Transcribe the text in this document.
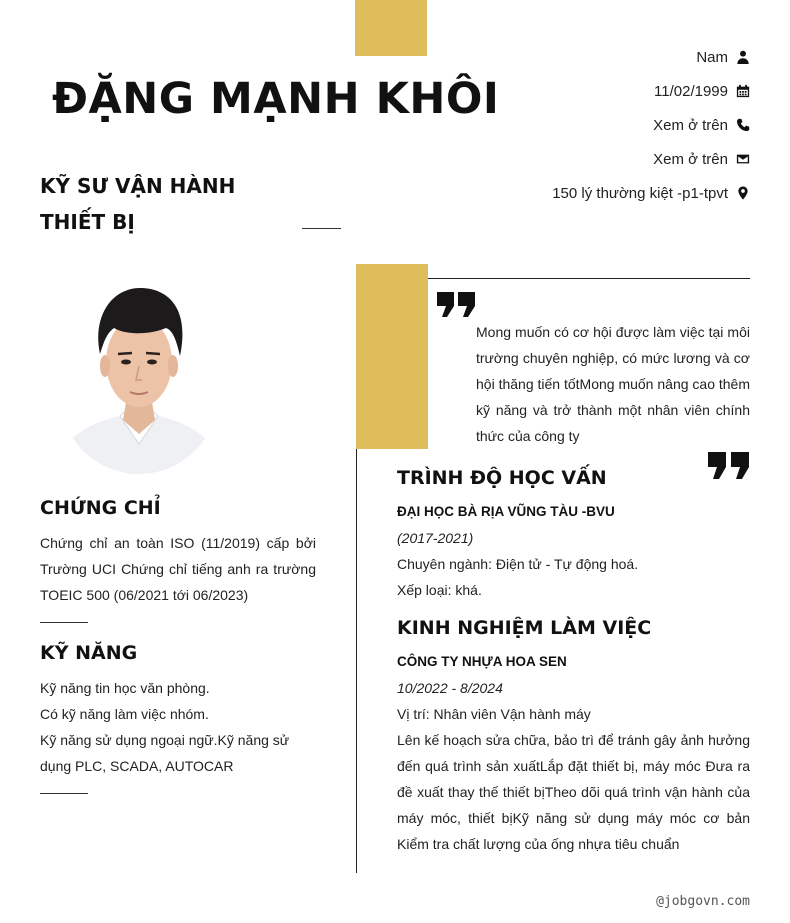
ĐẶNG MẠNH KHÔI
KỸ SƯ VẬN HÀNH THIẾT BỊ
Nam
11/02/1999
Xem ở trên
Xem ở trên
150 lý thường kiệt -p1-tpvt
CHỨNG CHỈ

Chứng chỉ an toàn ISO (11/2019) cấp bởi Trường UCI Chứng chỉ tiếng anh ra trường TOEIC 500 (06/2021 tới 06/2023)

KỸ NĂNG
Kỹ năng tin học văn phòng.
Có kỹ năng làm việc nhóm.
Kỹ năng sử dụng ngoại ngữ.Kỹ năng sử dụng PLC, SCADA, AUTOCAR

Mong muốn có cơ hội được làm việc tại môi trường chuyên nghiệp, có mức lương và cơ hội thăng tiến tốtMong muốn nâng cao thêm kỹ năng và trở thành một nhân viên chính thức của công ty

TRÌNH ĐỘ HỌC VẤN
ĐẠI HỌC BÀ RỊA VŨNG TÀU -BVU
(2017-2021)
Chuyên ngành: Điện tử - Tự động hoá.
Xếp loại: khá.
KINH NGHIỆM LÀM VIỆC
CÔNG TY NHỰA HOA SEN
10/2022 - 8/2024
Vị trí: Nhân viên Vận hành máy
Lên kế hoạch sửa chữa, bảo trì để tránh gây ảnh hưởng đến quá trình sản xuấtLắp đặt thiết bị, máy móc Đưa ra đề xuất thay thế thiết bịTheo dõi quá trình vận hành của máy móc, thiết bịKỹ năng sử dụng máy móc cơ bản Kiểm tra chất lượng của ống nhựa tiêu chuẩn
@jobgovn.com
